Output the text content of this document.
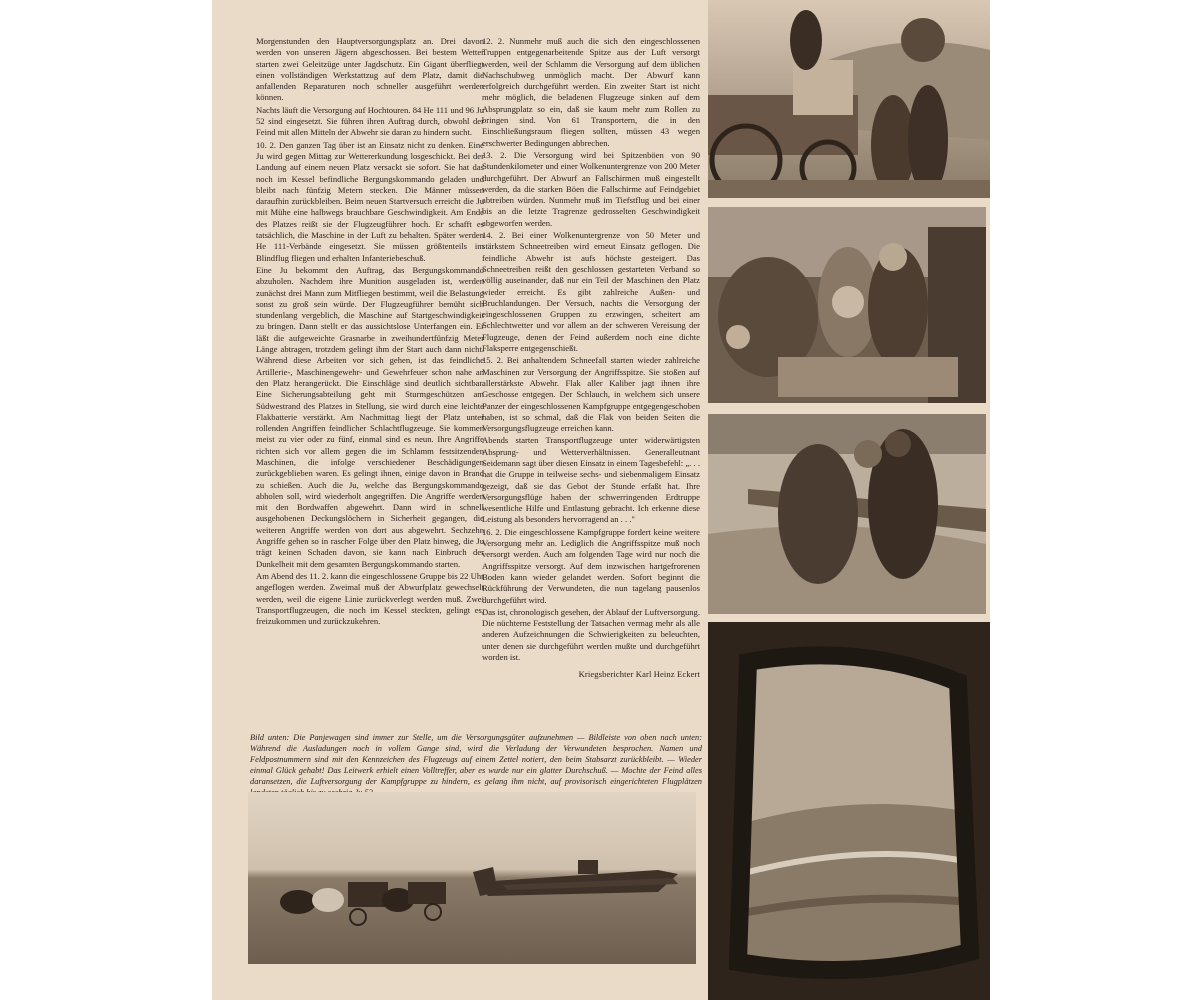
Morgenstunden den Hauptversorgungsplatz an. Drei davon werden von unseren Jägern abgeschossen. Bei bestem Wetter starten zwei Geleitzüge unter Jagdschutz. Ein Gigant überfliegt einen vollständigen Werkstattzug auf dem Platz, damit die anfallenden Reparaturen noch schneller ausgeführt werden können.

Nachts läuft die Versorgung auf Hochtouren. 84 He 111 und 96 Ju 52 sind eingesetzt. Sie führen ihren Auftrag durch, obwohl der Feind mit allen Mitteln der Abwehr sie daran zu hindern sucht.

10. 2. Den ganzen Tag über ist an Einsatz nicht zu denken. Eine Ju wird gegen Mittag zur Wettererkundung losgeschickt. Bei der Landung auf einem neuen Platz versackt sie sofort. Sie hat das noch im Kessel befindliche Bergungskommando geladen und bleibt nach fünfzig Metern stecken. Die Männer müssen daraufhin zurückbleiben. Beim neuen Startversuch erreicht die Ju mit Mühe eine halbwegs brauchbare Geschwindigkeit. Am Ende des Platzes reißt sie der Flugzeugführer hoch. Er schafft es tatsächlich, die Maschine in der Luft zu behalten. Später werden He 111-Verbände eingesetzt. Sie müssen größtenteils im Blindflug fliegen und erhalten Infanteriebeschuß.

Eine Ju bekommt den Auftrag, das Bergungskommando abzuholen. Nachdem ihre Munition ausgeladen ist, werden zunächst drei Mann zum Mitfliegen bestimmt, weil die Belastung sonst zu groß sein würde. Der Flugzeugführer bemüht sich stundenlang vergeblich, die Maschine auf Startgeschwindigkeit zu bringen. Dann stellt er das aussichtslose Unterfangen ein. Er läßt die aufgeweichte Grasnarbe in zweihundertfünfzig Meter Länge abtragen, trotzdem gelingt ihm der Start auch dann nicht. Während diese Arbeiten vor sich gehen, ist das feindliche Artillerie-, Maschinengewehr- und Gewehrfeuer schon nahe an den Platz herangerückt. Die Einschläge sind deutlich sichtbar. Eine Sicherungsabteilung geht mit Sturmgeschützen am Südwestrand des Platzes in Stellung, sie wird durch eine leichte Flakbatterie verstärkt. Am Nachmittag liegt der Platz unter rollenden Angriffen feindlicher Schlachtflugzeuge. Sie kommen meist zu vier oder zu fünf, einmal sind es neun. Ihre Angriffe richten sich vor allem gegen die im Schlamm festsitzenden Maschinen, die infolge verschiedener Beschädigungen zurückgeblieben waren. Es gelingt ihnen, einige davon in Brand zu schießen. Auch die Ju, welche das Bergungskommando abholen soll, wird wiederholt angegriffen. Die Angriffe werden mit den Bordwaffen abgewehrt. Dann wird in schnell ausgehobenen Deckungslöchern in Sicherheit gegangen, die weiteren Angriffe werden von dort aus abgewehrt. Sechzehn Angriffe gehen so in rascher Folge über den Platz hinweg, die Ju trägt keinen Schaden davon, sie kann nach Einbruch der Dunkelheit mit dem gesamten Bergungskommando starten.

Am Abend des 11. 2. kann die eingeschlossene Gruppe bis 22 Uhr angeflogen werden. Zweimal muß der Abwurfplatz gewechselt werden, weil die eigene Linie zurückverlegt werden muß. Zwei Transportflugzeugen, die noch im Kessel steckten, gelingt es, freizukommen und zurückzukehren.

12. 2. Nunmehr muß auch die sich den eingeschlossenen Truppen entgegenarbeitende Spitze aus der Luft versorgt werden, weil der Schlamm die Versorgung auf dem üblichen Nachschubweg unmöglich macht. Der Abwurf kann erfolgreich durchgeführt werden. Ein zweiter Start ist nicht mehr möglich, die beladenen Flugzeuge sinken auf dem Absprungplatz so ein, daß sie kaum mehr zum Rollen zu bringen sind. Von 61 Transportern, die in den Einschließungsraum fliegen sollten, müssen 43 wegen erschwerter Bedingungen abbrechen.

13. 2. Die Versorgung wird bei Spitzenböen von 90 Stundenkilometer und einer Wolkenuntergrenze von 200 Meter durchgeführt. Der Abwurf an Fallschirmen muß eingestellt werden, da die starken Böen die Fallschirme auf Feindgebiet abtreiben würden. Nunmehr muß im Tiefstflug und bei einer bis an die letzte Tragrenze gedrosselten Geschwindigkeit abgeworfen werden.

14. 2. Bei einer Wolkenuntergrenze von 50 Meter und stärkstem Schneetreiben wird erneut Einsatz geflogen. Die feindliche Abwehr ist aufs höchste gesteigert. Das Schneetreiben reißt den geschlossen gestarteten Verband so völlig auseinander, daß nur ein Teil der Maschinen den Platz wieder erreicht. Es gibt zahlreiche Außen- und Bruchlandungen. Der Versuch, nachts die Versorgung der eingeschlossenen Gruppen zu erzwingen, scheitert am Schlechtwetter und vor allem an der schweren Vereisung der Flugzeuge, denen der Feind außerdem noch eine dichte Flaksperre entgegenschießt.

15. 2. Bei anhaltendem Schneefall starten wieder zahlreiche Maschinen zur Versorgung der Angriffsspitze. Sie stoßen auf allerstärkste Abwehr. Flak aller Kaliber jagt ihnen ihre Geschosse entgegen. Der Schlauch, in welchem sich unsere Panzer der eingeschlossenen Kampfgruppe entgegengeschoben haben, ist so schmal, daß die Flak von beiden Seiten die Versorgungsflugzeuge erreichen kann.

Abends starten Transportflugzeuge unter widerwärtigsten Absprung- und Wetterverhältnissen. Generalleutnant Seidemann sagt über diesen Einsatz in einem Tagesbefehl: „. . . hat die Gruppe in teilweise sechs- und siebenmaligem Einsatz gezeigt, daß sie das Gebot der Stunde erfaßt hat. Ihre Versorgungsflüge haben der schwerringenden Erdtruppe wesentliche Hilfe und Entlastung gebracht. Ich erkenne diese Leistung als besonders hervorragend an . . ."

16. 2. Die eingeschlossene Kampfgruppe fordert keine weitere Versorgung mehr an. Lediglich die Angriffsspitze muß noch versorgt werden. Auch am folgenden Tage wird nur noch die Angriffsspitze versorgt. Auf dem inzwischen hartgefrorenen Boden kann wieder gelandet werden. Sofort beginnt die Rückführung der Verwundeten, die nun tagelang pausenlos durchgeführt wird.

Das ist, chronologisch gesehen, der Ablauf der Luftversorgung. Die nüchterne Feststellung der Tatsachen vermag mehr als alle anderen Aufzeichnungen die Schwierigkeiten zu beleuchten, unter denen sie durchgeführt werden mußte und durchgeführt worden ist.

Kriegsberichter Karl Heinz Eckert

Bild unten: Die Panjewagen sind immer zur Stelle, um die Versorgungsgüter aufzunehmen — Bildleiste von oben nach unten: Während die Ausladungen noch in vollem Gange sind, wird die Verladung der Verwundeten besprochen. Namen und Feldpostnummern sind mit den Kennzeichen des Flugzeugs auf einem Zettel notiert, den beim Stabsarzt zurückbleibt. — Wieder einmal Glück gehabt! Das Leitwerk erhielt einen Volltreffer, aber es wurde nur ein glatter Durchschuß. — Mochte der Feind alles daransetzen, die Luftversorgung der Kampfgruppe zu hindern, es gelang ihm nicht, auf provisorisch eingerichteten Flugplätzen
